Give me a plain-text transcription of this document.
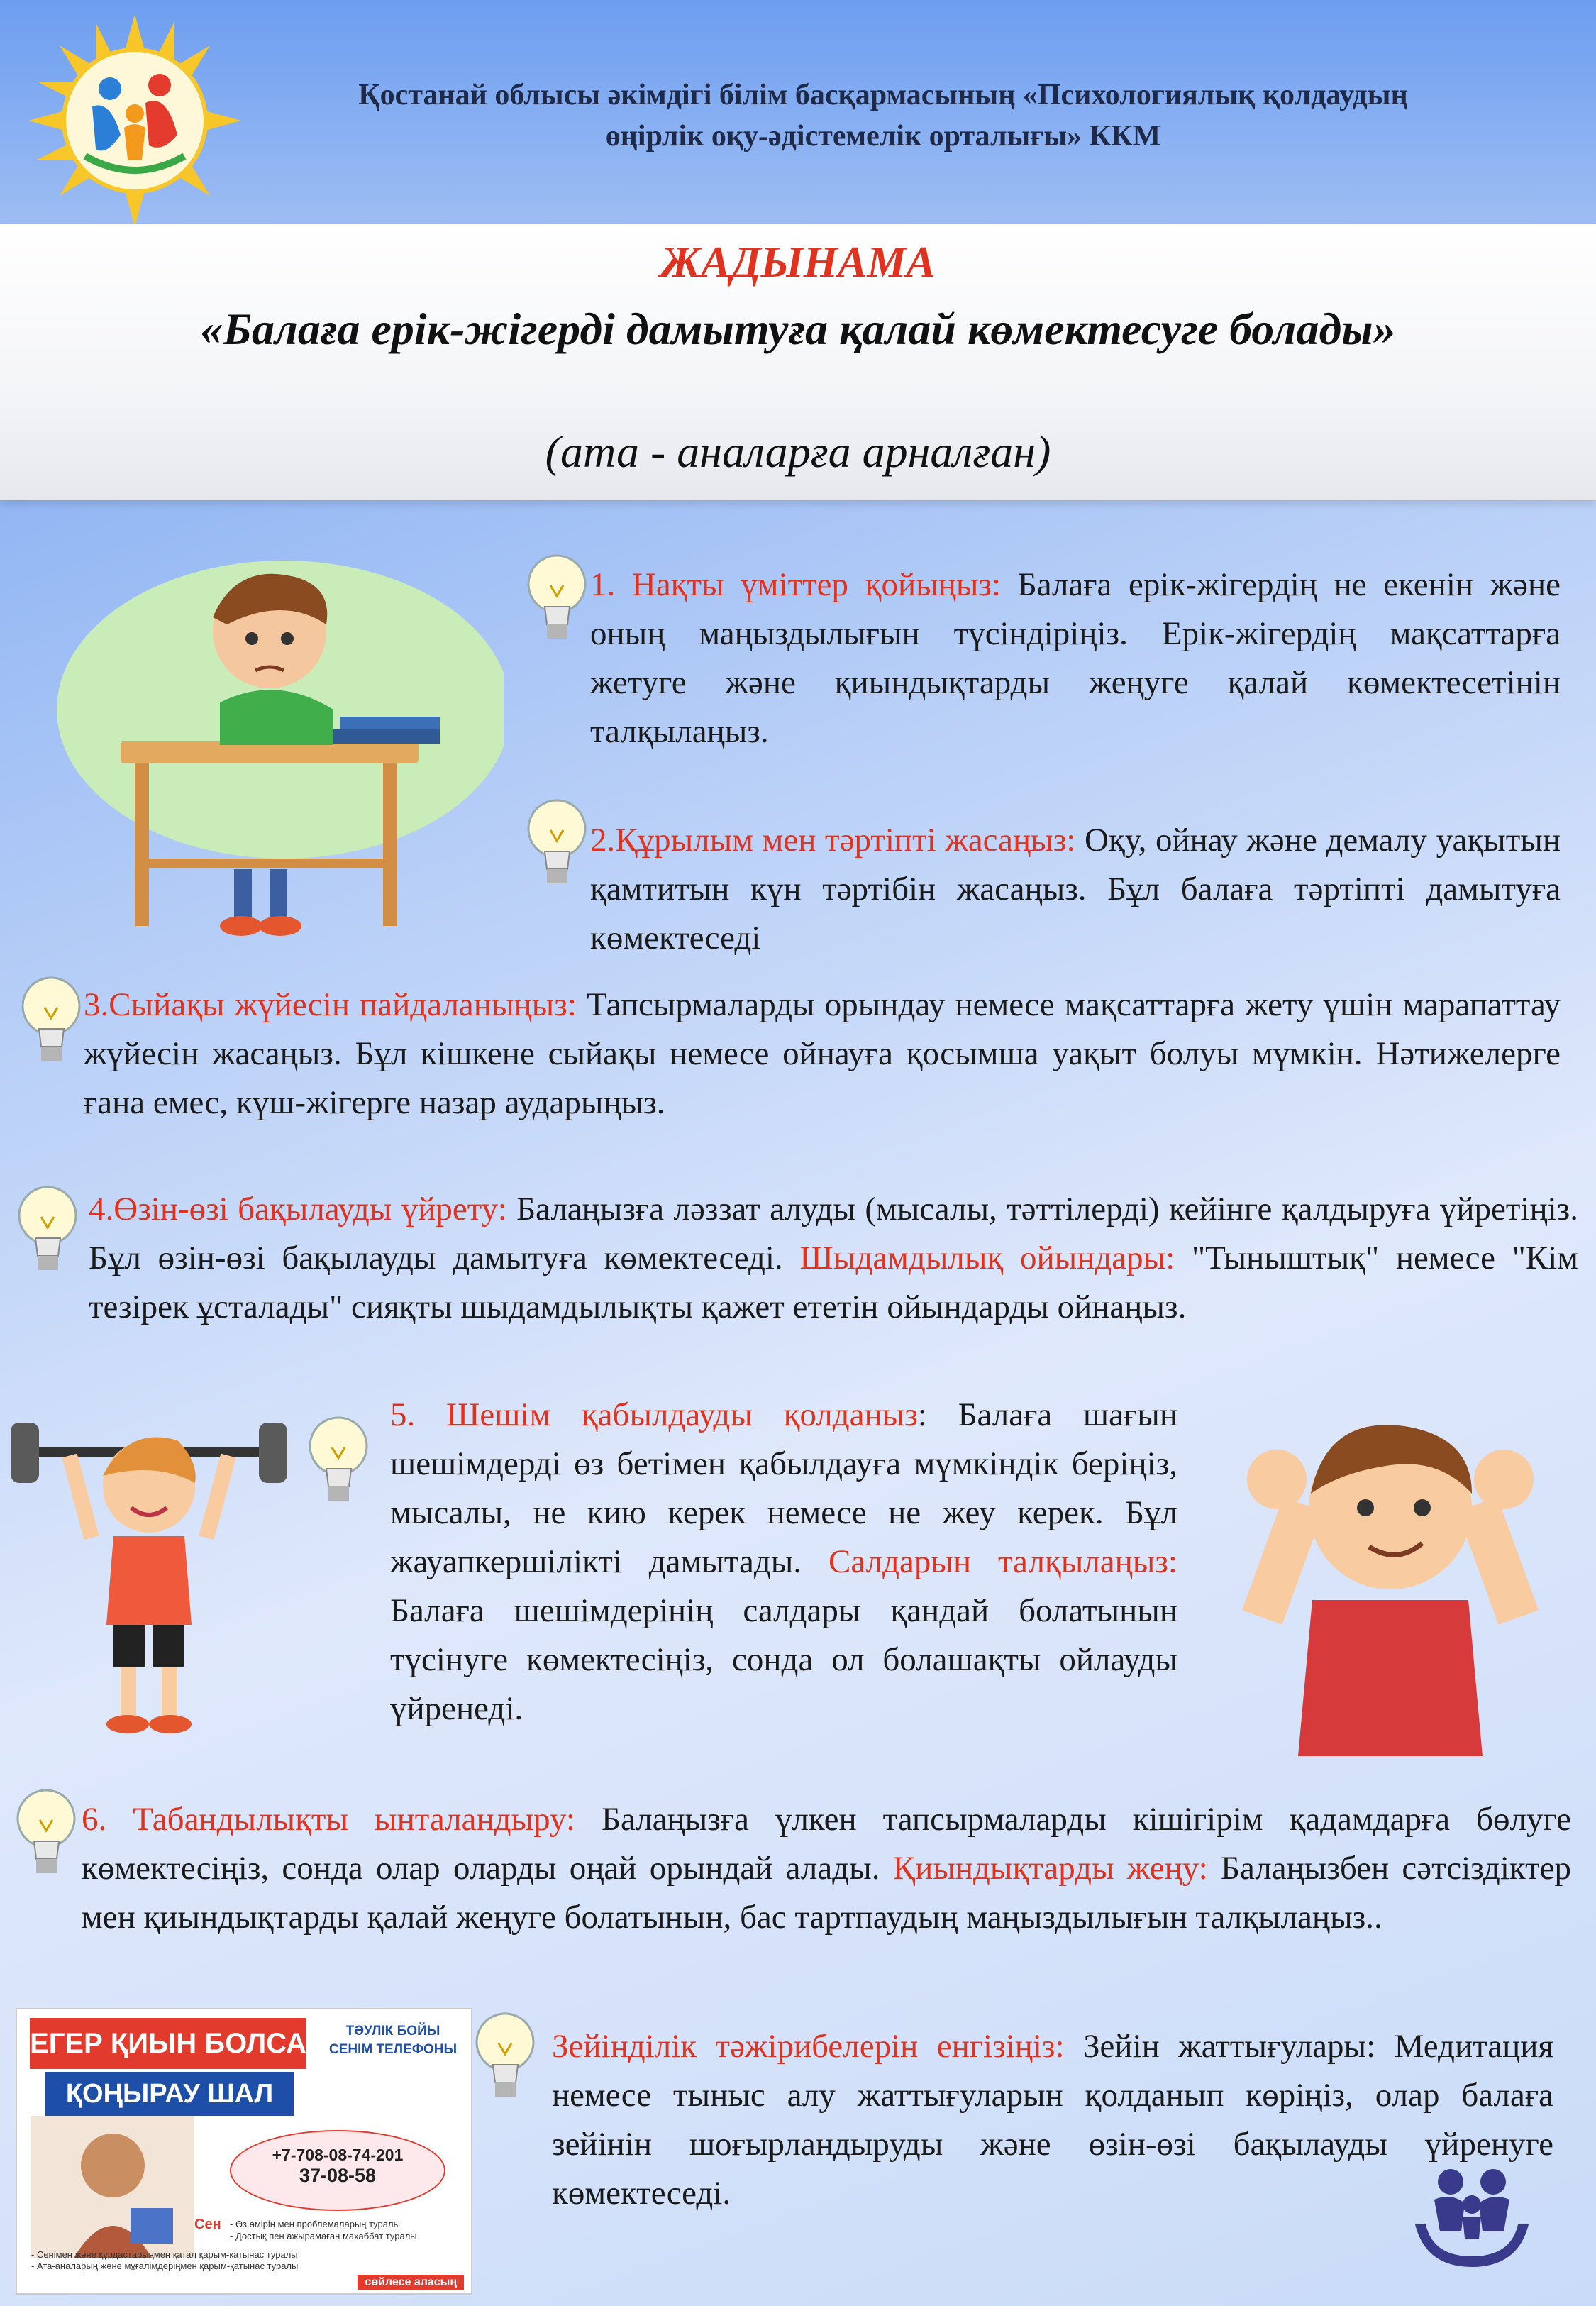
Қостанай облысы әкімдігі білім басқармасының «Психологиялық қолдаудың
өңірлік оқу-әдістемелік орталығы» ККМ
ЖАДЫНАМА
«Балаға ерік-жігерді дамытуға қалай көмектесуге болады»
(ата - аналарға арналған)
1. Нақты үміттер қойыңыз: Балаға ерік-жігердің не екенін және оның маңыздылығын түсіндіріңіз. Ерік-жігердің мақсаттарға жетуге және қиындықтарды жеңуге қалай көмектесетінін талқылаңыз.
2.Құрылым мен тәртіпті жасаңыз: Оқу, ойнау және демалу уақытын қамтитын күн тәртібін жасаңыз. Бұл балаға тәртіпті дамытуға көмектеседі
3.Сыйақы жүйесін пайдаланыңыз: Тапсырмаларды орындау немесе мақсаттарға жету үшін марапаттау жүйесін жасаңыз. Бұл кішкене сыйақы немесе ойнауға қосымша уақыт болуы мүмкін. Нәтижелерге ғана емес, күш-жігерге назар аударыңыз.
4.Өзін-өзі бақылауды үйрету: Балаңызға ләззат алуды (мысалы, тәттілерді) кейінге қалдыруға үйретіңіз. Бұл өзін-өзі бақылауды дамытуға көмектеседі. Шыдамдылық ойындары: "Тыныштық" немесе "Кім тезірек ұсталады" сияқты шыдамдылықты қажет ететін ойындарды ойнаңыз.
5. Шешім қабылдауды қолданыз: Балаға шағын шешімдерді өз бетімен қабылдауға мүмкіндік беріңіз, мысалы, не кию керек немесе не жеу керек. Бұл жауапкершілікті дамытады. Салдарын талқылаңыз: Балаға шешімдерінің салдары қандай болатынын түсінуге көмектесіңіз, сонда ол болашақты ойлауды үйренеді.
6. Табандылықты ынталандыру: Балаңызға үлкен тапсырмаларды кішігірім қадамдарға бөлуге көмектесіңіз, сонда олар оларды оңай орындай алады. Қиындықтарды жеңу: Балаңызбен сәтсіздіктер мен қиындықтарды қалай жеңуге болатынын, бас тартпаудың маңыздылығын талқылаңыз..
Зейінділік тәжірибелерін енгізіңіз: Зейін жаттығулары: Медитация немесе тыныс алу жаттығуларын қолданып көріңіз, олар балаға зейінін шоғырландыруды және өзін-өзі бақылауды үйренуге көмектеседі.
ЕГЕР ҚИЫН БОЛСА
ҚОҢЫРАУ ШАЛ
ТӘУЛІК БОЙЫ
СЕНІМ ТЕЛЕФОНЫ
+7-708-08-74-201
37-08-58
Сен - Өз өмірің мен проблемаларың туралы
- Достық пен ажырамаған махаббат туралы
- Сенімен және құрдастарыңмен қатал қарым-қатынас туралы
- Ата-аналарың және мұғалімдеріңмен қарым-қатынас туралы
сөйлесе аласың
